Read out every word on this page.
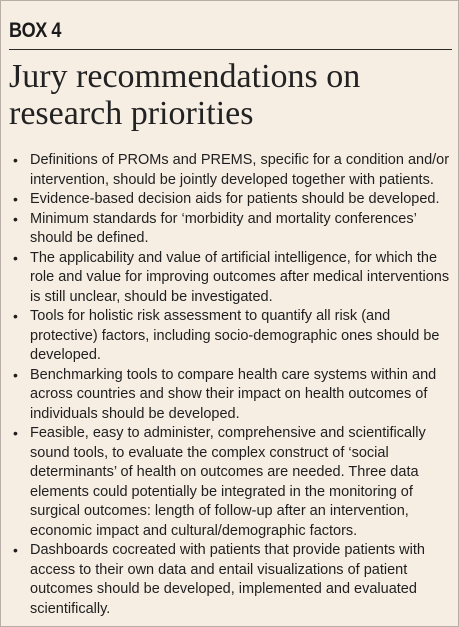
BOX 4
Jury recommendations on research priorities
• Definitions of PROMs and PREMS, specific for a condition and/or intervention, should be jointly developed together with patients.
• Evidence-based decision aids for patients should be developed.
• Minimum standards for ‘morbidity and mortality conferences’ should be defined.
• The applicability and value of artificial intelligence, for which the role and value for improving outcomes after medical interventions is still unclear, should be investigated.
• Tools for holistic risk assessment to quantify all risk (and protective) factors, including socio-demographic ones should be developed.
• Benchmarking tools to compare health care systems within and across countries and show their impact on health outcomes of individuals should be developed.
• Feasible, easy to administer, comprehensive and scientifically sound tools, to evaluate the complex construct of ‘social determinants’ of health on outcomes are needed. Three data elements could potentially be integrated in the monitoring of surgical outcomes: length of follow-up after an intervention, economic impact and cultural/demographic factors.
• Dashboards cocreated with patients that provide patients with access to their own data and entail visualizations of patient outcomes should be developed, implemented and evaluated scientifically.
